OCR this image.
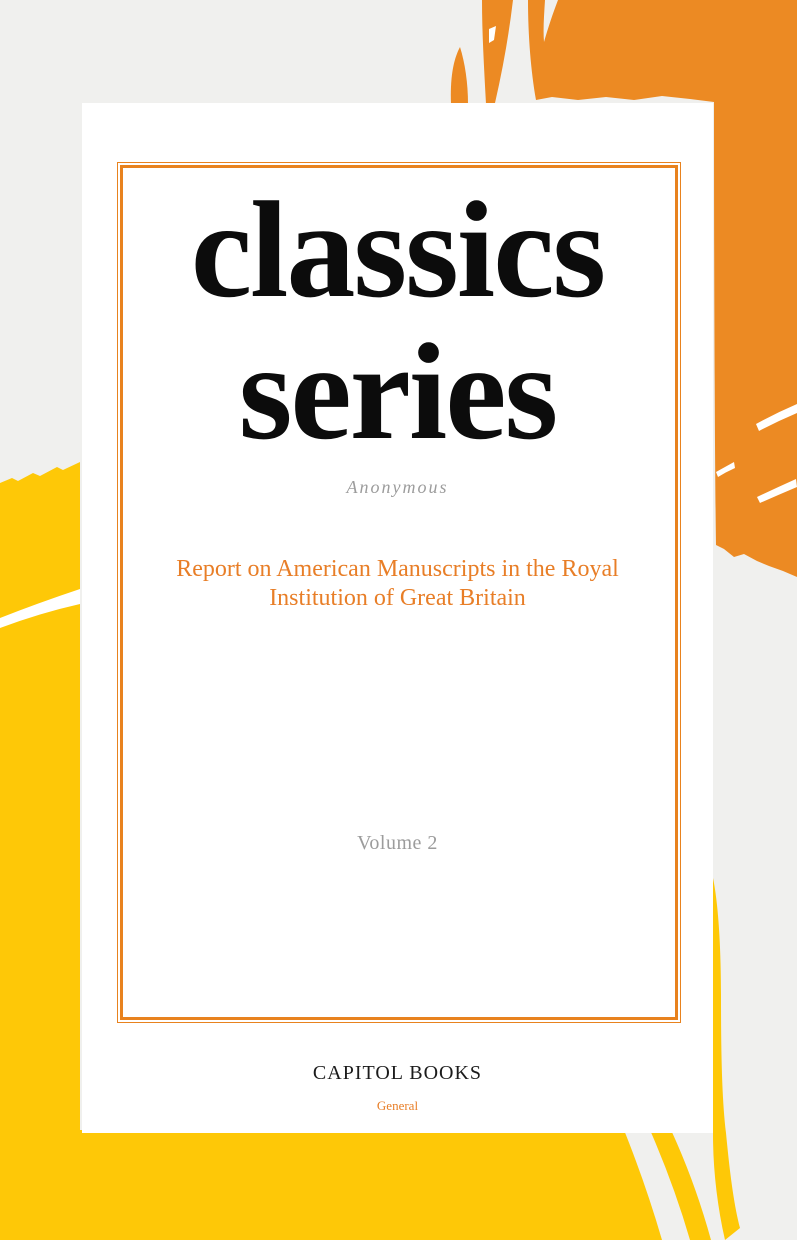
classics
series
Anonymous
Report on American Manuscripts in the Royal Institution of Great Britain
Volume 2
CAPITOL BOOKS
General
